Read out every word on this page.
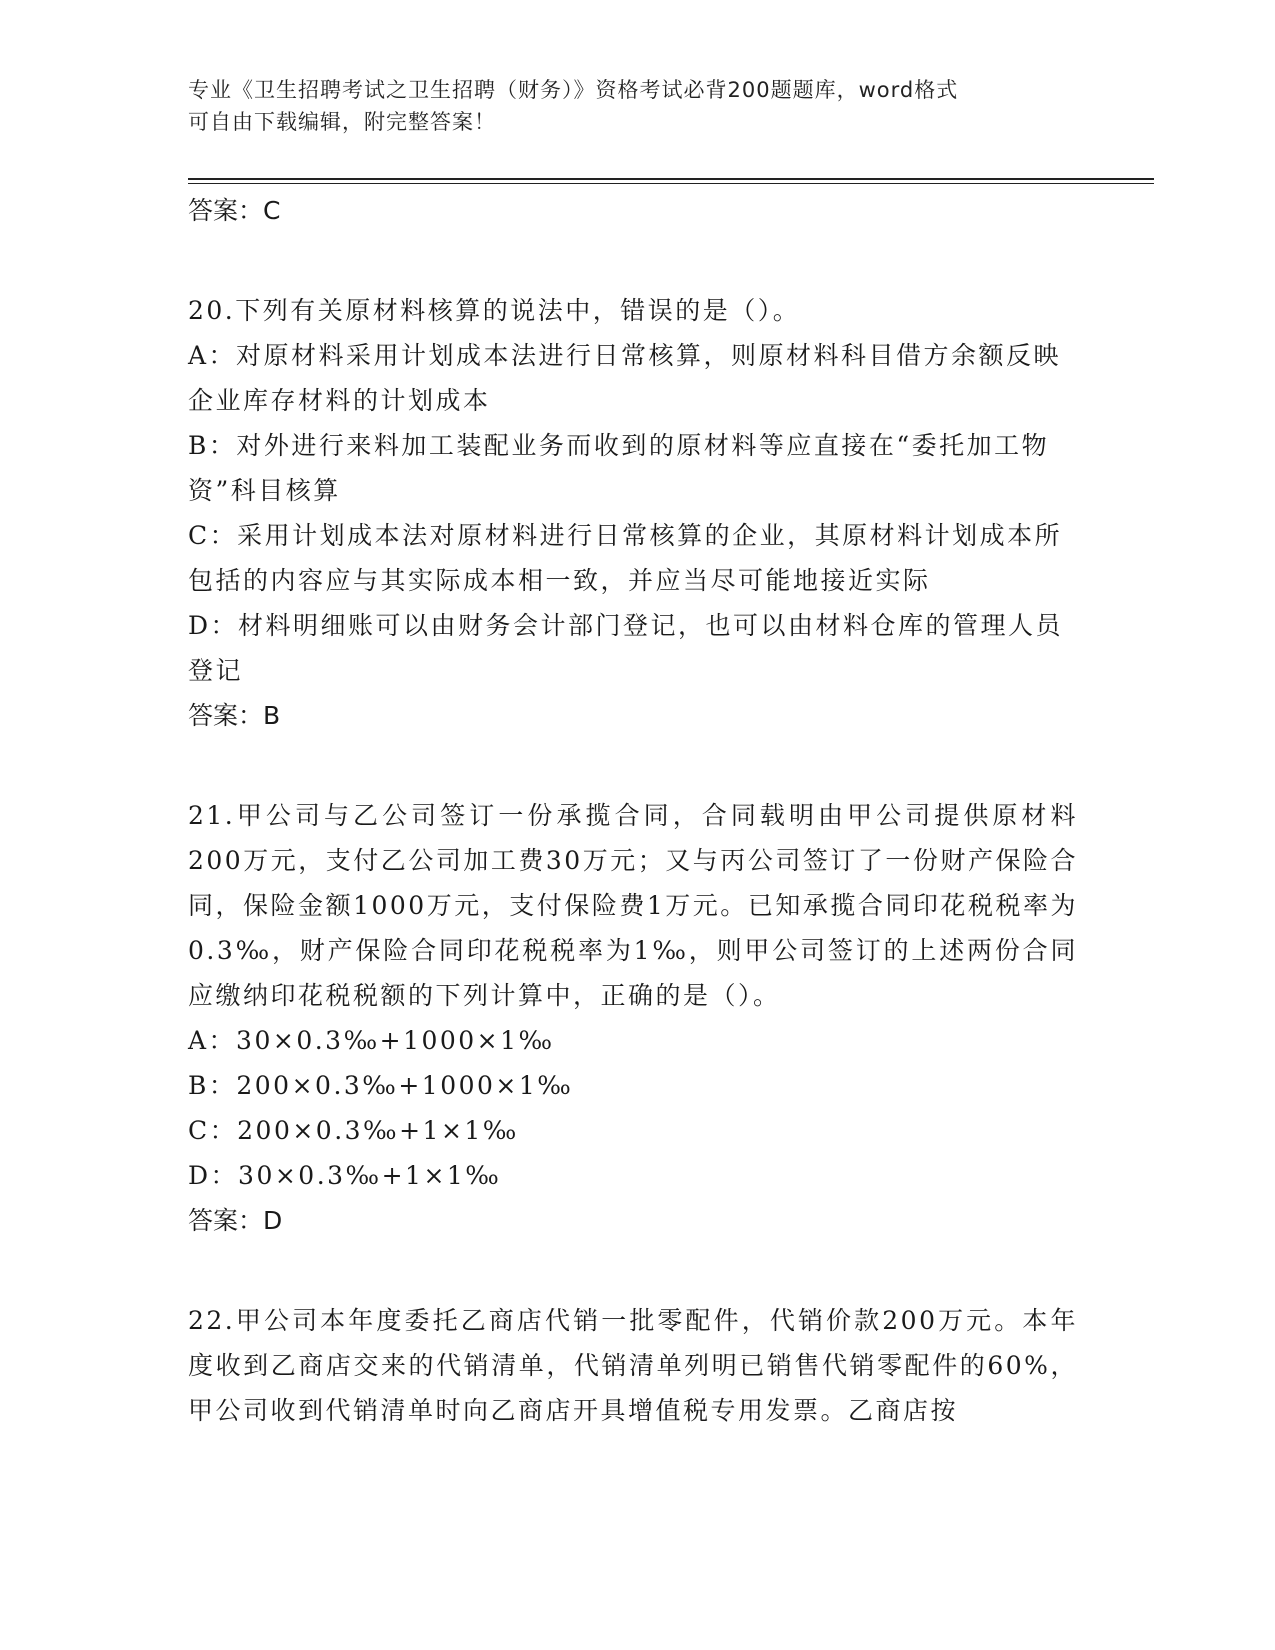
专业《卫生招聘考试之卫生招聘（财务）》资格考试必背200题题库，word格式
可自由下载编辑，附完整答案！

答案：C

20.下列有关原材料核算的说法中，错误的是（）。

A：对原材料采用计划成本法进行日常核算，则原材料科目借方余额反映企业库存材料的计划成本

B：对外进行来料加工装配业务而收到的原材料等应直接在“委托加工物资”科目核算

C：采用计划成本法对原材料进行日常核算的企业，其原材料计划成本所包括的内容应与其实际成本相一致，并应当尽可能地接近实际

D：材料明细账可以由财务会计部门登记，也可以由材料仓库的管理人员登记

答案：B

21.甲公司与乙公司签订一份承揽合同，合同载明由甲公司提供原材料200万元，支付乙公司加工费30万元；又与丙公司签订了一份财产保险合同，保险金额1000万元，支付保险费1万元。已知承揽合同印花税税率为0.3‰，财产保险合同印花税税率为1‰，则甲公司签订的上述两份合同应缴纳印花税税额的下列计算中，正确的是（）。

A：30×0.3‰+1000×1‰

B：200×0.3‰+1000×1‰

C：200×0.3‰+1×1‰

D：30×0.3‰+1×1‰

答案：D

22.甲公司本年度委托乙商店代销一批零配件，代销价款200万元。本年度收到乙商店交来的代销清单，代销清单列明已销售代销零配件的60%，甲公司收到代销清单时向乙商店开具增值税专用发票。乙商店按
